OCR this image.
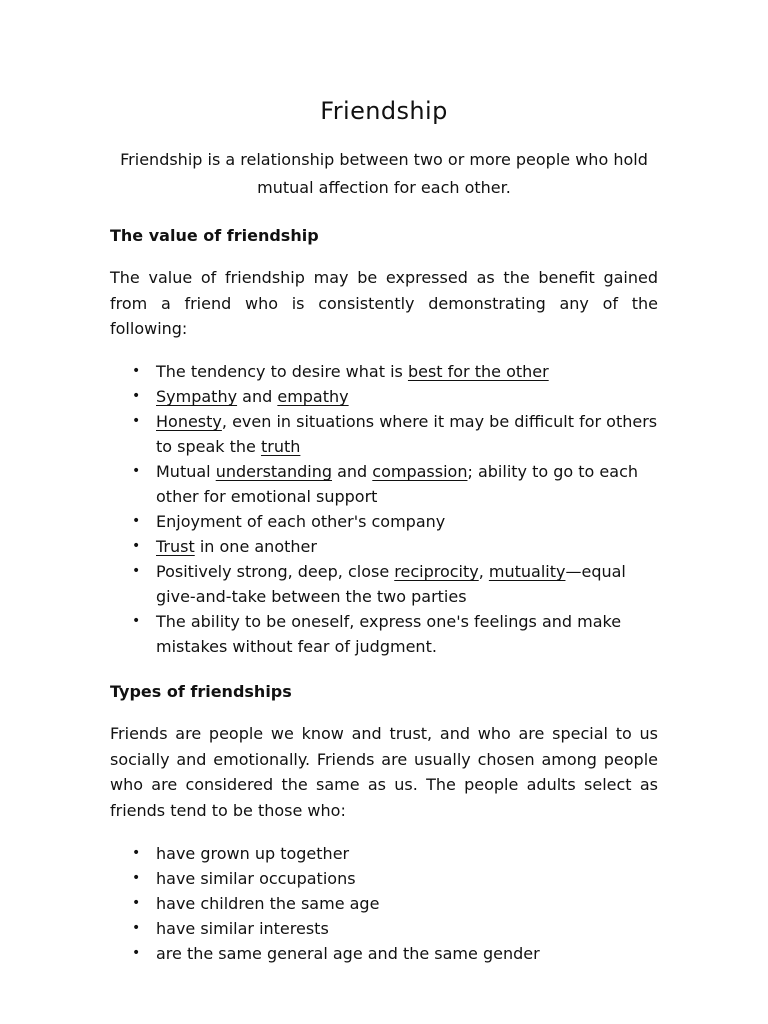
Friendship
Friendship is a relationship between two or more people who hold mutual affection for each other.
The value of friendship
The value of friendship may be expressed as the benefit gained from a friend who is consistently demonstrating any of the following:
• The tendency to desire what is best for the other
• Sympathy and empathy
• Honesty, even in situations where it may be difficult for others to speak the truth
• Mutual understanding and compassion; ability to go to each other for emotional support
• Enjoyment of each other's company
• Trust in one another
• Positively strong, deep, close reciprocity, mutuality—equal give-and-take between the two parties
• The ability to be oneself, express one's feelings and make mistakes without fear of judgment.
Types of friendships
Friends are people we know and trust, and who are special to us socially and emotionally. Friends are usually chosen among people who are considered the same as us. The people adults select as friends tend to be those who:
• have grown up together
• have similar occupations
• have children the same age
• have similar interests
• are the same general age and the same gender
